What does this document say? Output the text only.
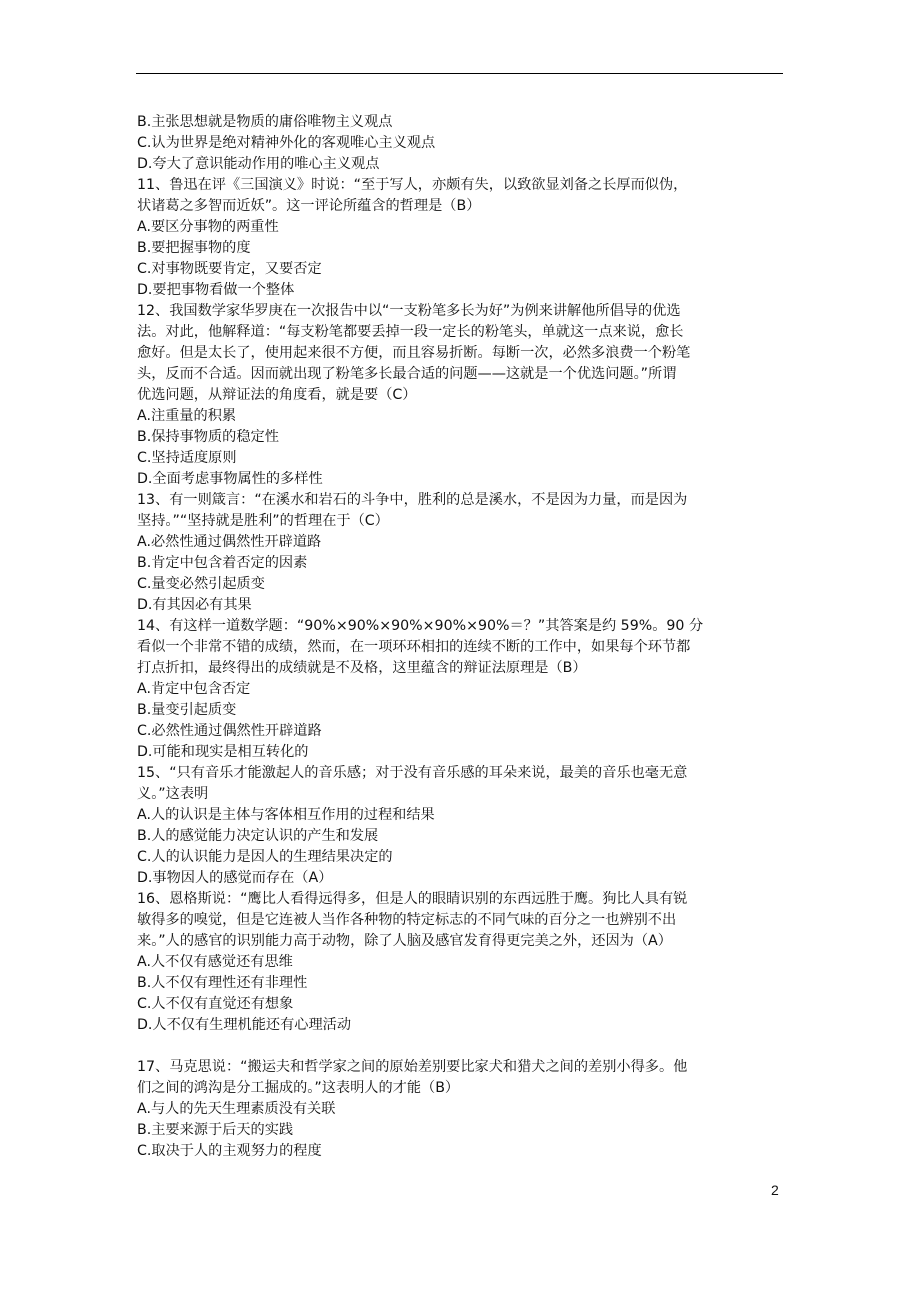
B.主张思想就是物质的庸俗唯物主义观点
C.认为世界是绝对精神外化的客观唯心主义观点
D.夸大了意识能动作用的唯心主义观点
11、鲁迅在评《三国演义》时说：“至于写人，亦颇有失，以致欲显刘备之长厚而似伪，
状诸葛之多智而近妖”。这一评论所蕴含的哲理是（B）
A.要区分事物的两重性
B.要把握事物的度
C.对事物既要肯定，又要否定
D.要把事物看做一个整体
12、我国数学家华罗庚在一次报告中以“一支粉笔多长为好”为例来讲解他所倡导的优选
法。对此，他解释道：“每支粉笔都要丢掉一段一定长的粉笔头，单就这一点来说，愈长
愈好。但是太长了，使用起来很不方便，而且容易折断。每断一次，必然多浪费一个粉笔
头，反而不合适。因而就出现了粉笔多长最合适的问题——这就是一个优选问题。”所谓
优选问题，从辩证法的角度看，就是要（C）
A.注重量的积累
B.保持事物质的稳定性
C.坚持适度原则
D.全面考虑事物属性的多样性
13、有一则箴言：“在溪水和岩石的斗争中，胜利的总是溪水，不是因为力量，而是因为
坚持。”“坚持就是胜利”的哲理在于（C）
A.必然性通过偶然性开辟道路
B.肯定中包含着否定的因素
C.量变必然引起质变
D.有其因必有其果
14、有这样一道数学题：“90%×90%×90%×90%×90%＝？”其答案是约 59%。90 分
看似一个非常不错的成绩，然而，在一项环环相扣的连续不断的工作中，如果每个环节都
打点折扣，最终得出的成绩就是不及格，这里蕴含的辩证法原理是（B）
A.肯定中包含否定
B.量变引起质变
C.必然性通过偶然性开辟道路
D.可能和现实是相互转化的
15、“只有音乐才能激起人的音乐感；对于没有音乐感的耳朵来说，最美的音乐也毫无意
义。”这表明
A.人的认识是主体与客体相互作用的过程和结果
B.人的感觉能力决定认识的产生和发展
C.人的认识能力是因人的生理结果决定的
D.事物因人的感觉而存在（A）
16、恩格斯说：“鹰比人看得远得多，但是人的眼睛识别的东西远胜于鹰。狗比人具有锐
敏得多的嗅觉，但是它连被人当作各种物的特定标志的不同气味的百分之一也辨别不出
来。”人的感官的识别能力高于动物，除了人脑及感官发育得更完美之外，还因为（A）
A.人不仅有感觉还有思维
B.人不仅有理性还有非理性
C.人不仅有直觉还有想象
D.人不仅有生理机能还有心理活动
17、马克思说：“搬运夫和哲学家之间的原始差别要比家犬和猎犬之间的差别小得多。他
们之间的鸿沟是分工掘成的。”这表明人的才能（B）
A.与人的先天生理素质没有关联
B.主要来源于后天的实践
C.取决于人的主观努力的程度
2
